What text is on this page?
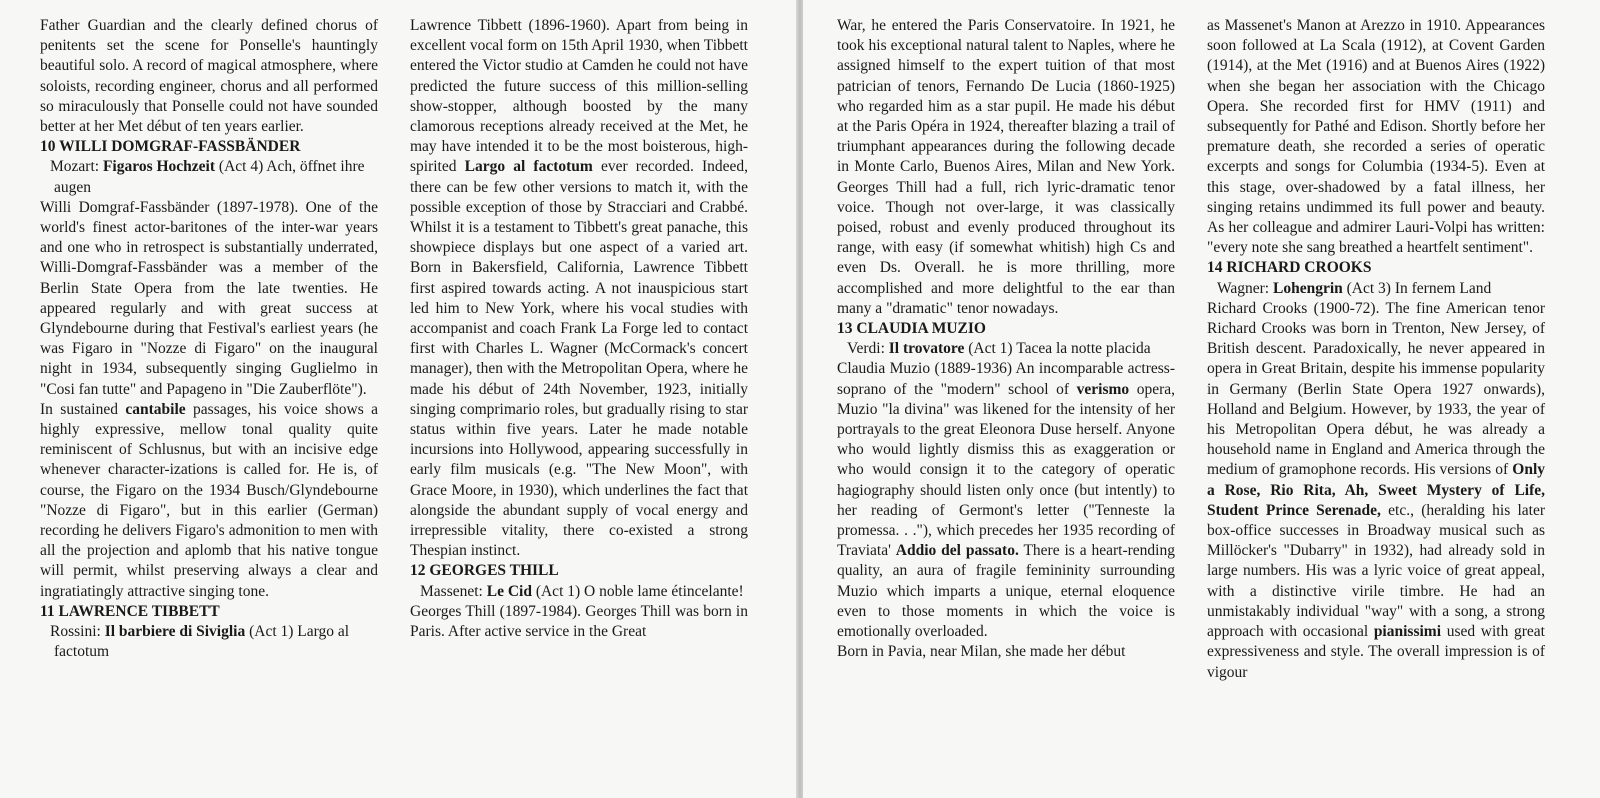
Father Guardian and the clearly defined chorus of penitents set the scene for Ponselle's hauntingly beautiful solo. A record of magical atmosphere, where soloists, recording engineer, chorus and all performed so miraculously that Ponselle could not have sounded better at her Met début of ten years earlier.

10 WILLI DOMGRAF-FASSBÄNDER

Mozart: Figaros Hochzeit (Act 4) Ach, öffnet ihre augen

Willi Domgraf-Fassbänder (1897-1978). One of the world's finest actor-baritones of the inter-war years and one who in retrospect is substantially underrated, Willi-Domgraf-Fassbänder was a member of the Berlin State Opera from the late twenties. He appeared regularly and with great success at Glyndebourne during that Festival's earliest years (he was Figaro in "Nozze di Figaro" on the inaugural night in 1934, subsequently singing Guglielmo in "Cosi fan tutte" and Papageno in "Die Zauberflöte").

In sustained cantabile passages, his voice shows a highly expressive, mellow tonal quality quite reminiscent of Schlusnus, but with an incisive edge whenever character-izations is called for. He is, of course, the Figaro on the 1934 Busch/Glyndebourne "Nozze di Figaro", but in this earlier (German) recording he delivers Figaro's admonition to men with all the projection and aplomb that his native tongue will permit, whilst preserving always a clear and ingratiatingly attractive singing tone.

11 LAWRENCE TIBBETT

Rossini: Il barbiere di Siviglia (Act 1) Largo al factotum

Lawrence Tibbett (1896-1960). Apart from being in excellent vocal form on 15th April 1930, when Tibbett entered the Victor studio at Camden he could not have predicted the future success of this million-selling show-stopper, although boosted by the many clamorous receptions already received at the Met, he may have intended it to be the most boisterous, high-spirited Largo al factotum ever recorded. Indeed, there can be few other versions to match it, with the possible exception of those by Stracciari and Crabbé. Whilst it is a testament to Tibbett's great panache, this showpiece displays but one aspect of a varied art. Born in Bakersfield, California, Lawrence Tibbett first aspired towards acting. A not inauspicious start led him to New York, where his vocal studies with accompanist and coach Frank La Forge led to contact first with Charles L. Wagner (McCormack's concert manager), then with the Metropolitan Opera, where he made his début of 24th November, 1923, initially singing comprimario roles, but gradually rising to star status within five years. Later he made notable incursions into Hollywood, appearing successfully in early film musicals (e.g. "The New Moon", with Grace Moore, in 1930), which underlines the fact that alongside the abundant supply of vocal energy and irrepressible vitality, there co-existed a strong Thespian instinct.

12 GEORGES THILL

Massenet: Le Cid (Act 1) O noble lame étincelante!

Georges Thill (1897-1984). Georges Thill was born in Paris. After active service in the Great

War, he entered the Paris Conservatoire. In 1921, he took his exceptional natural talent to Naples, where he assigned himself to the expert tuition of that most patrician of tenors, Fernando De Lucia (1860-1925) who regarded him as a star pupil. He made his début at the Paris Opéra in 1924, thereafter blazing a trail of triumphant appearances during the following decade in Monte Carlo, Buenos Aires, Milan and New York. Georges Thill had a full, rich lyric-dramatic tenor voice. Though not over-large, it was classically poised, robust and evenly produced throughout its range, with easy (if somewhat whitish) high Cs and even Ds. Overall. he is more thrilling, more accomplished and more delightful to the ear than many a "dramatic" tenor nowadays.

13 CLAUDIA MUZIO

Verdi: Il trovatore (Act 1) Tacea la notte placida

Claudia Muzio (1889-1936) An incomparable actress-soprano of the "modern" school of verismo opera, Muzio "la divina" was likened for the intensity of her portrayals to the great Eleonora Duse herself. Anyone who would lightly dismiss this as exaggeration or who would consign it to the category of operatic hagiography should listen only once (but intently) to her reading of Germont's letter ("Tenneste la promessa. . ."), which precedes her 1935 recording of Traviata' Addio del passato. There is a heart-rending quality, an aura of fragile femininity surrounding Muzio which imparts a unique, eternal eloquence even to those moments in which the voice is emotionally overloaded.

Born in Pavia, near Milan, she made her début

as Massenet's Manon at Arezzo in 1910. Appearances soon followed at La Scala (1912), at Covent Garden (1914), at the Met (1916) and at Buenos Aires (1922) when she began her association with the Chicago Opera. She recorded first for HMV (1911) and subsequently for Pathé and Edison. Shortly before her premature death, she recorded a series of operatic excerpts and songs for Columbia (1934-5). Even at this stage, over-shadowed by a fatal illness, her singing retains undimmed its full power and beauty. As her colleague and admirer Lauri-Volpi has written: "every note she sang breathed a heartfelt sentiment".

14 RICHARD CROOKS

Wagner: Lohengrin (Act 3) In fernem Land

Richard Crooks (1900-72). The fine American tenor Richard Crooks was born in Trenton, New Jersey, of British descent. Paradoxically, he never appeared in opera in Great Britain, despite his immense popularity in Germany (Berlin State Opera 1927 onwards), Holland and Belgium. However, by 1933, the year of his Metropolitan Opera début, he was already a household name in England and America through the medium of gramophone records. His versions of Only a Rose, Rio Rita, Ah, Sweet Mystery of Life, Student Prince Serenade, etc., (heralding his later box-office successes in Broadway musical such as Millöcker's "Dubarry" in 1932), had already sold in large numbers. His was a lyric voice of great appeal, with a distinctive virile timbre. He had an unmistakably individual "way" with a song, a strong approach with occasional pianissimi used with great expressiveness and style. The overall impression is of vigour
